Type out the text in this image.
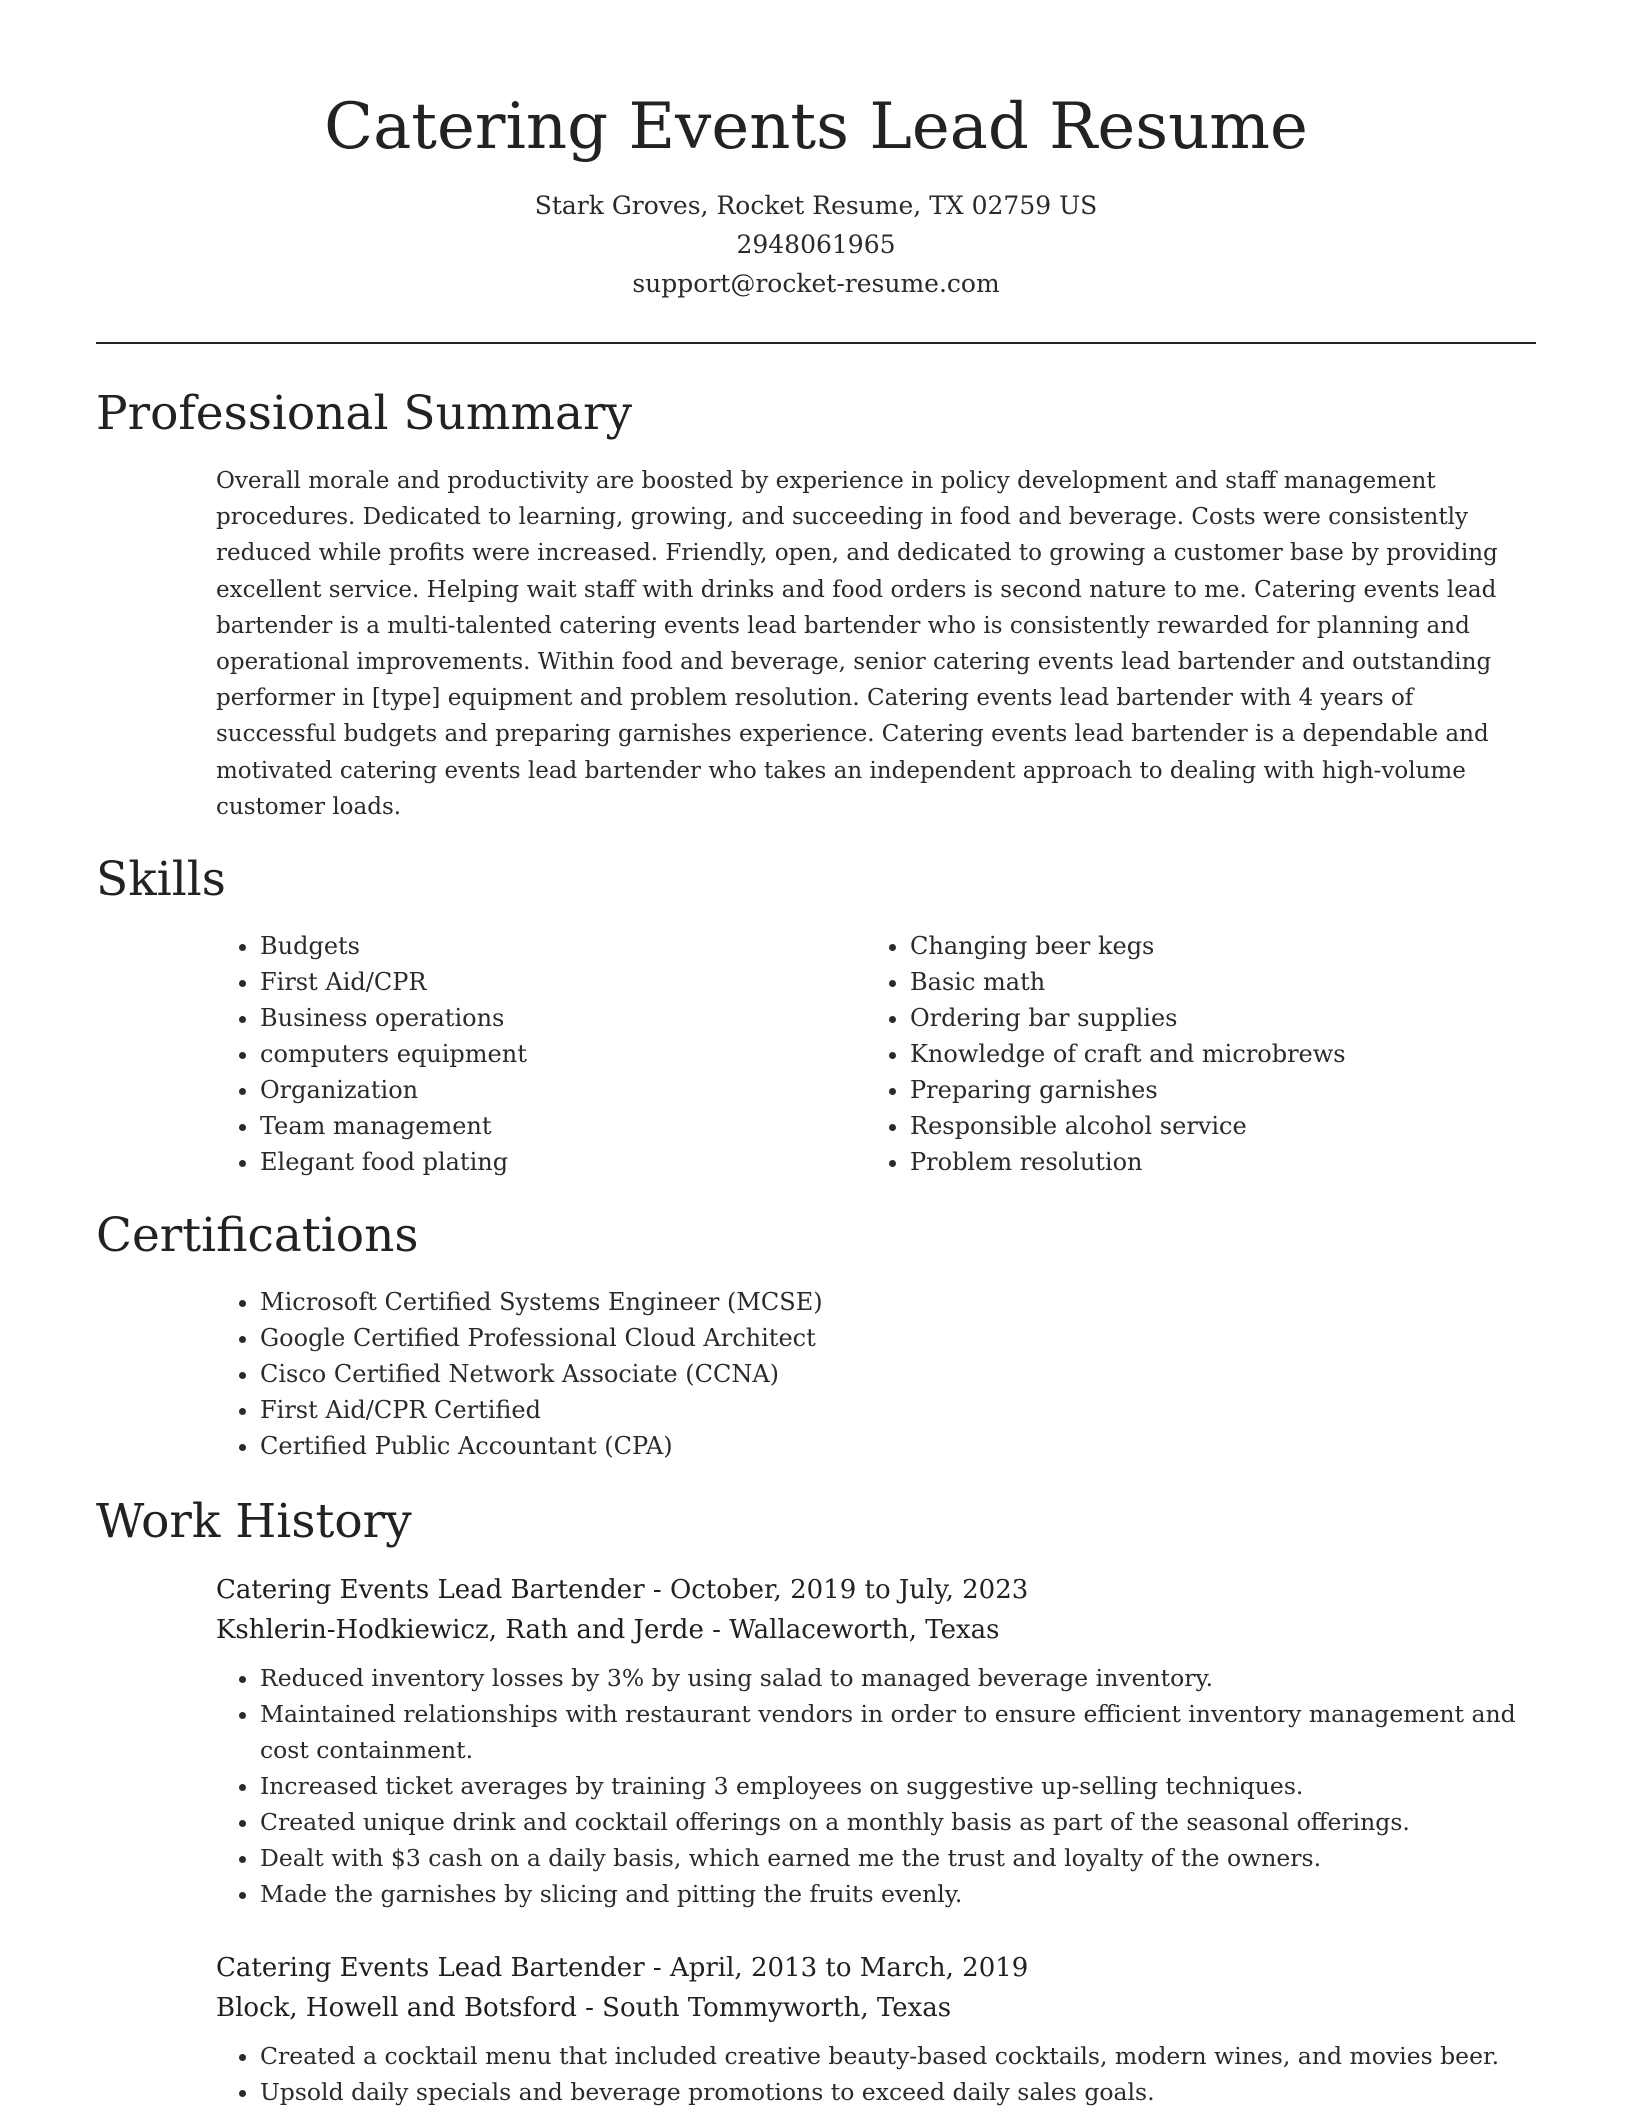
Catering Events Lead Resume
Stark Groves, Rocket Resume, TX 02759 US
2948061965
support@rocket-resume.com
Professional Summary

Overall morale and productivity are boosted by experience in policy development and staff management procedures. Dedicated to learning, growing, and succeeding in food and beverage. Costs were consistently reduced while profits were increased. Friendly, open, and dedicated to growing a customer base by providing excellent service. Helping wait staff with drinks and food orders is second nature to me. Catering events lead bartender is a multi-talented catering events lead bartender who is consistently rewarded for planning and operational improvements. Within food and beverage, senior catering events lead bartender and outstanding performer in [type] equipment and problem resolution. Catering events lead bartender with 4 years of successful budgets and preparing garnishes experience. Catering events lead bartender is a dependable and motivated catering events lead bartender who takes an independent approach to dealing with high-volume customer loads.

Skills
• Budgets
• First Aid/CPR
• Business operations
• computers equipment
• Organization
• Team management
• Elegant food plating
• Changing beer kegs
• Basic math
• Ordering bar supplies
• Knowledge of craft and microbrews
• Preparing garnishes
• Responsible alcohol service
• Problem resolution
Certifications
• Microsoft Certified Systems Engineer (MCSE)
• Google Certified Professional Cloud Architect
• Cisco Certified Network Associate (CCNA)
• First Aid/CPR Certified
• Certified Public Accountant (CPA)
Work History
Catering Events Lead Bartender - October, 2019 to July, 2023
Kshlerin-Hodkiewicz, Rath and Jerde - Wallaceworth, Texas
• Reduced inventory losses by 3% by using salad to managed beverage inventory.
• Maintained relationships with restaurant vendors in order to ensure efficient inventory management and cost containment.
• Increased ticket averages by training 3 employees on suggestive up-selling techniques.
• Created unique drink and cocktail offerings on a monthly basis as part of the seasonal offerings.
• Dealt with $3 cash on a daily basis, which earned me the trust and loyalty of the owners.
• Made the garnishes by slicing and pitting the fruits evenly.
Catering Events Lead Bartender - April, 2013 to March, 2019
Block, Howell and Botsford - South Tommyworth, Texas
• Created a cocktail menu that included creative beauty-based cocktails, modern wines, and movies beer.
• Upsold daily specials and beverage promotions to exceed daily sales goals.
